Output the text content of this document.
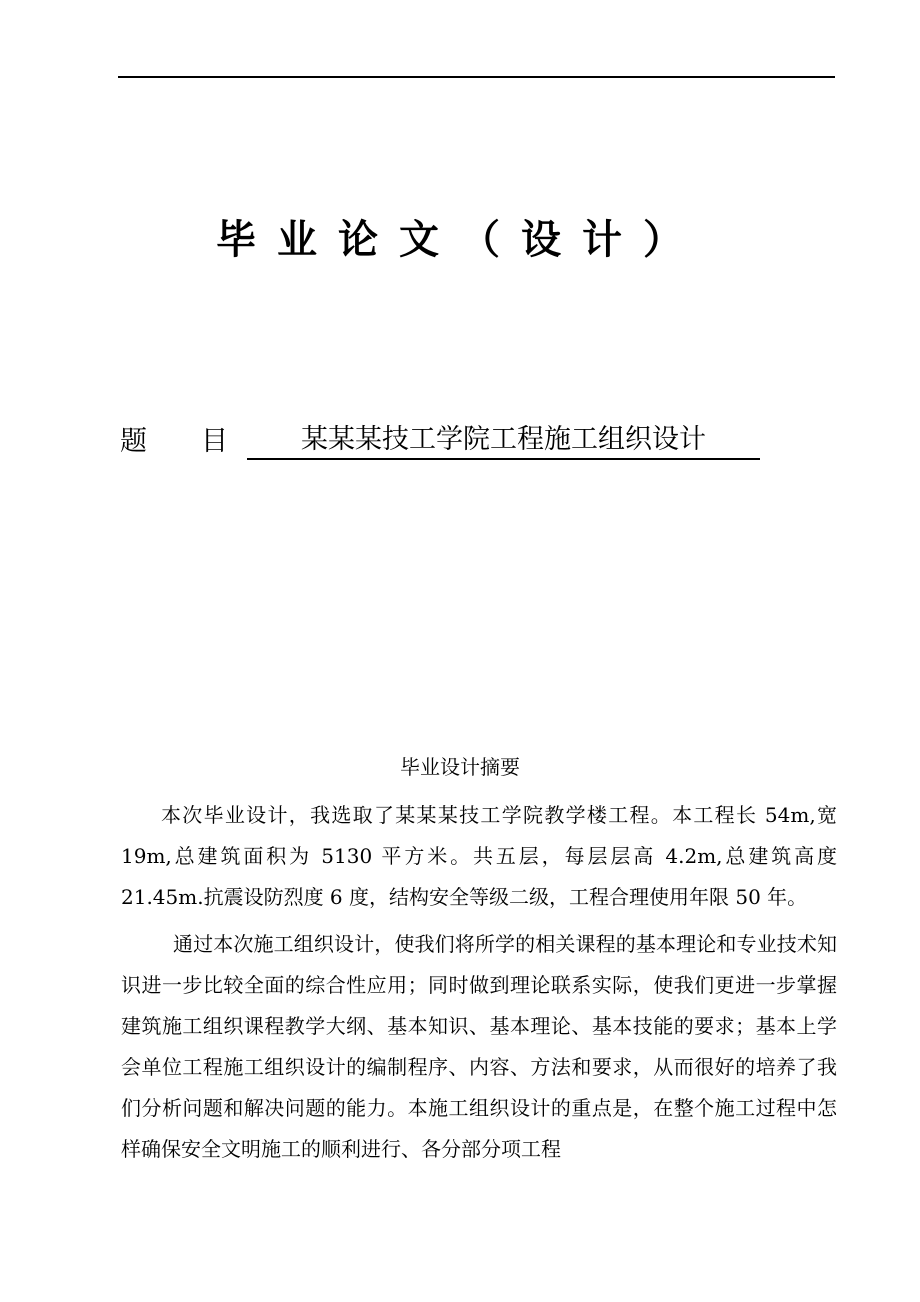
毕业论文（设计）
题目 某某某技工学院工程施工组织设计
毕业设计摘要

本次毕业设计，我选取了某某某技工学院教学楼工程。本工程长 54m,宽 19m,总建筑面积为 5130 平方米。共五层，每层层高 4.2m,总建筑高度 21.45m.抗震设防烈度 6 度，结构安全等级二级，工程合理使用年限 50 年。

通过本次施工组织设计，使我们将所学的相关课程的基本理论和专业技术知识进一步比较全面的综合性应用；同时做到理论联系实际，使我们更进一步掌握建筑施工组织课程教学大纲、基本知识、基本理论、基本技能的要求；基本上学会单位工程施工组织设计的编制程序、内容、方法和要求，从而很好的培养了我们分析问题和解决问题的能力。本施工组织设计的重点是，在整个施工过程中怎样确保安全文明施工的顺利进行、各分部分项工程
